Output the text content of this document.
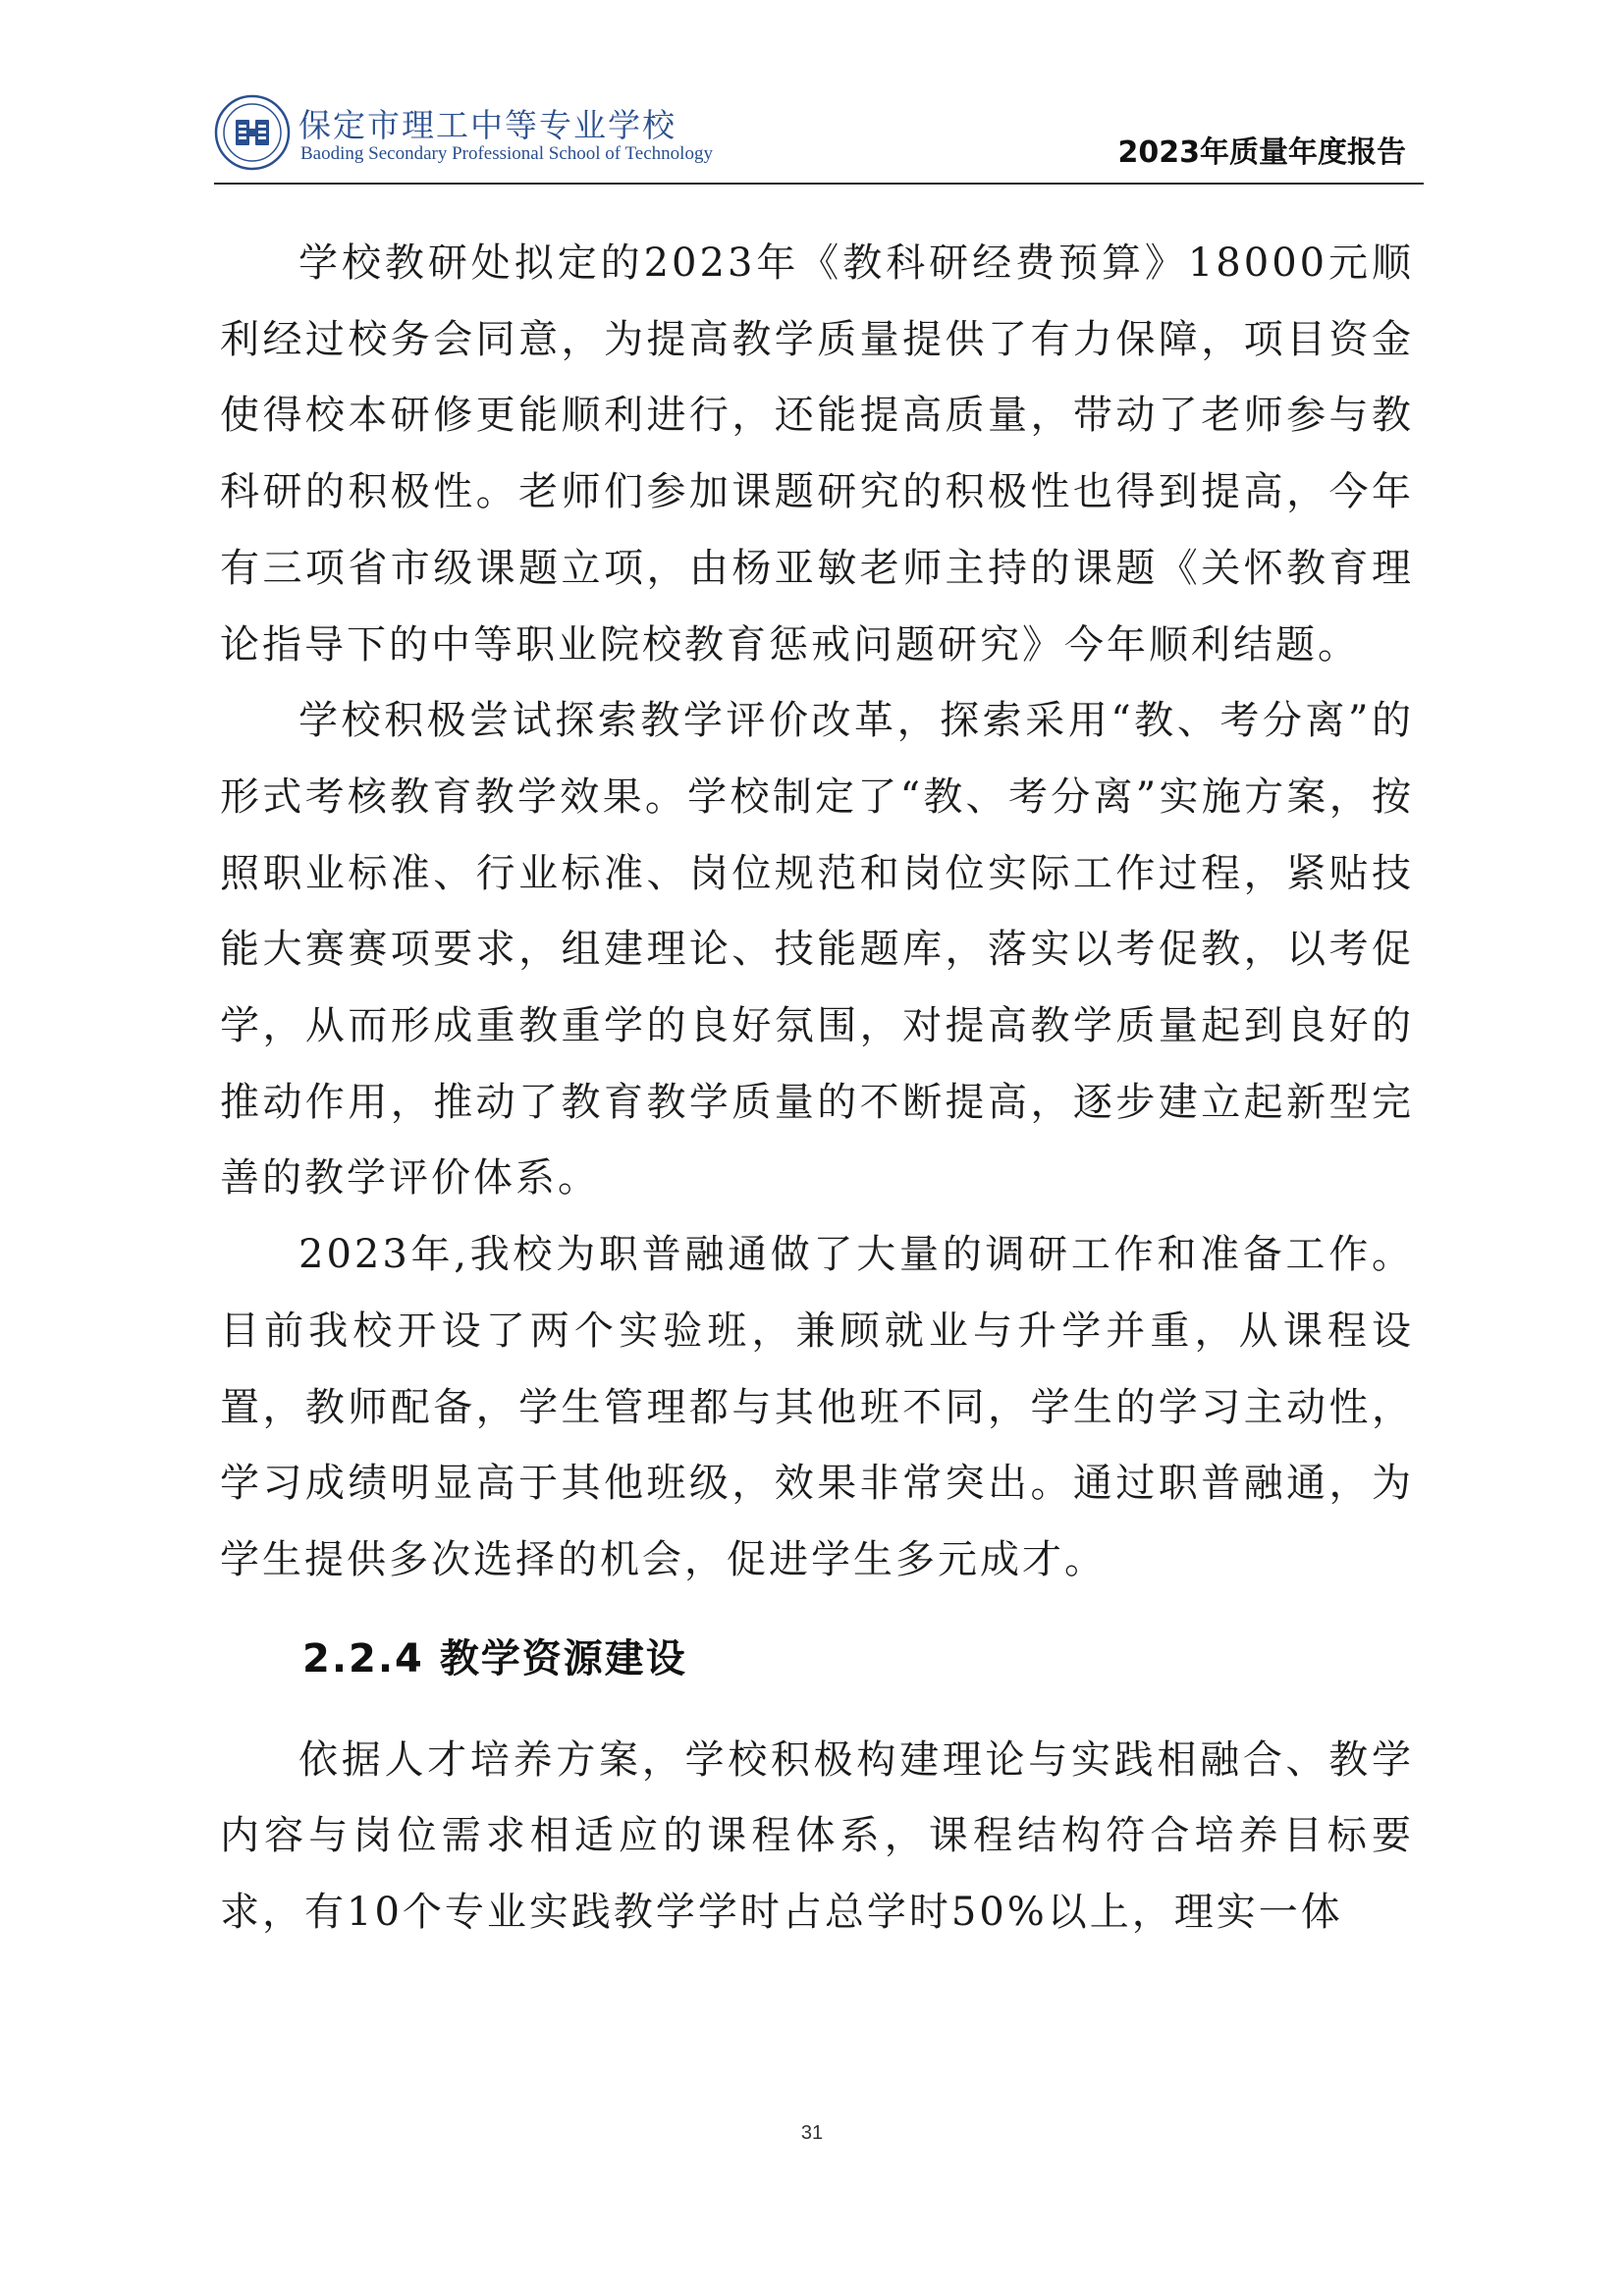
保定市理工中等专业学校
Baoding Secondary Professional School of Technology	2023年质量年度报告

学校教研处拟定的2023年《教科研经费预算》18000元顺利经过校务会同意，为提高教学质量提供了有力保障，项目资金使得校本研修更能顺利进行，还能提高质量，带动了老师参与教科研的积极性。老师们参加课题研究的积极性也得到提高，今年有三项省市级课题立项，由杨亚敏老师主持的课题《关怀教育理论指导下的中等职业院校教育惩戒问题研究》今年顺利结题。

学校积极尝试探索教学评价改革，探索采用“教、考分离”的形式考核教育教学效果。学校制定了“教、考分离”实施方案，按照职业标准、行业标准、岗位规范和岗位实际工作过程，紧贴技能大赛赛项要求，组建理论、技能题库，落实以考促教，以考促学，从而形成重教重学的良好氛围，对提高教学质量起到良好的推动作用，推动了教育教学质量的不断提高，逐步建立起新型完善的教学评价体系。

2023年,我校为职普融通做了大量的调研工作和准备工作。目前我校开设了两个实验班，兼顾就业与升学并重，从课程设置，教师配备，学生管理都与其他班不同，学生的学习主动性，学习成绩明显高于其他班级，效果非常突出。通过职普融通，为学生提供多次选择的机会，促进学生多元成才。

2.2.4 教学资源建设

依据人才培养方案，学校积极构建理论与实践相融合、教学内容与岗位需求相适应的课程体系，课程结构符合培养目标要求，有10个专业实践教学学时占总学时50%以上，理实一体

31
